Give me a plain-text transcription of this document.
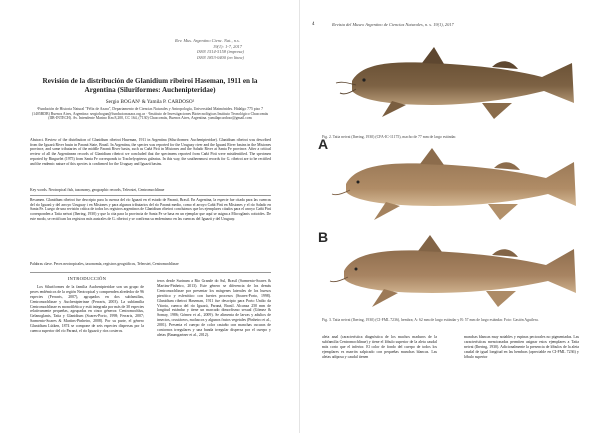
Rev. Mus. Argentino Cienc. Nat., n.s.
19(1): 1-7, 2017
ISSN 1514-5158 (impresa)
ISSN 1853-0400 (en línea)
Revisión de la distribución de Glanidium ribeiroi Haseman, 1911 en la Argentina (Siluriformes: Auchenipteridae)
Sergio BOGAN¹ & Yamila P. CARDOSO²
¹Fundación de Historia Natural "Félix de Azara", Departamento de Ciencias Naturales y Antropología, Universidad Maimónides. Hidalgo 775 piso 7 (1405BDB) Buenos Aires, Argentina: sergiobogan@fundacionazara.org.ar · ²Instituto de Investigaciones Biotecnológicas Instituto Tecnológico Chascomús (IIB-INTECH). Av. Intendente Marino Km 8,200, CC 164, (7130) Chascomús, Buenos Aires, Argentina. yamilapcardoso@gmail.com
Abstract. Review of the distribution of Glanidium ribeiroi Haseman, 1911 in Argentina (Siluriformes: Auchenipteridae). Glanidium ribeiroi was described from the Iguazú River basin in Paraná State, Brazil. In Argentina, the species was reported for the Uruguay river and the Iguazú River basins in the Misiones province, and some tributaries of the middle Paraná River basin, such as Cañá Pirú in Misiones and the Salado River at Santa Fe province. After a critical review of all the Argentinean records of Glanidium ribeiroi we concluded that the specimens reported from Cañá Pirú were misidentified. The specimen reported by Ringuelet (1975) from Santa Fe corresponds to Trachelyopterus galeatus. In this way, the southernmost records for G. ribeiroi are to be rectified and the endemic nature of this species is confirmed for the Uruguay and Iguazú basins.
Key words. Neotropical fish, taxonomy, geographic records, Teleostei, Centromochlinae
Resumen. Glanidium ribeiroi fue descripto para la cuenca del río Iguazú en el estado de Paraná, Brasil. En Argentina, la especie fue citada para las cuencas del río Iguazú y del arroyo Uruguay i en Misiones y para algunos tributarios del río Paraná medio, como el arroyo Cañá Pirú en Misiones y el río Salado en Santa Fe. Luego de una revisión crítica de todos los registros argentinos de Glanidium ribeiroi concluimos que los ejemplares citados para el arroyo Cañá Pirú corresponden a Tatia neivai (Ihering, 1930) y que la cita para la provincia de Santa Fe se basa en un ejemplar que aquí se asigna a Microglanis cottoides. De este modo, se rectifican los registros más australes de G. ribeiroi y se confirma su endemismo en las cuencas del Iguazú y del Uruguay.
Palabras clave. Peces neotropicales, taxonomía, registros geográficos, Teleostei, Centromochlinae
INTRODUCCIÓN

Los Siluriformes de la familia Auchenipteridae son un grupo de peces endémicos de la región Neotropical y comprenden alrededor de 96 especies (Ferraris, 2007), agrupados en dos subfamilias, Centromochlinae y Auchenipterinae (Ferraris, 2003). La subfamilia Centromochlinae es monofilética y está integrada por más de 30 especies relativamente pequeñas, agrupadas en cinco géneros: Centromochlus, Gelanoglanis, Tatia y Glanidium (Soares-Porto, 1998; Ferraris, 2007; Sarmento-Soares & Martins-Pinheiro, 2008). Por su parte, el género Glanidium Lütken, 1874 se compone de seis especies dispersas por la cuenca superior del río Paraná, el río Iguazú y ríos costeros.

teros desde Surinam a Río Grande do Sul, Brasil (Sarmento-Soares & Martins-Pinheiro, 2013). Este género se diferencia de los demás Centromochlinae por presentar los márgenes laterales de los huesos pterótico y esfenótico con fuertes procesos (Soares-Porto, 1998). Glanidium ribeiroi Haseman, 1911 fue descripto para Porto União da Vitoria, cuenca del río Iguazú, Paraná, Brasil. Alcanza 250 mm de longitud estándar y tiene un marcado dimorfismo sexual (Gómez & Somay, 1986; Gómez et al., 2009). Se alimenta de larvas y adultos de insectos, crustáceos, moluscos y algunos frutos vegetales (Pinheiro et al., 2001). Presenta el cuerpo de color castaño con manchas oscuras de contornos irregulares y una banda irregular dispersa por el cuerpo y aletas (Baumgartner et al., 2012).

4	Revista del Museo Argentino de Ciencias Naturales, n. s. 19(1), 2017
Fig. 2. Tatia neivai (Ihering, 1930) (CFA-IC-11175), macho de 77 mm de largo estándar.
A
B
Fig. 3. Tatia neivai (Ihering, 1930) (CI-FML 7236), hembra; A: 62 mm de largo estándar y B: 57 mm de largo estándar. Foto: Gastón Aguilera.

aleta anal (característica diagnóstica de los machos maduros de la subfamilia Centromochlinae) y tiene el lóbulo superior de la aleta caudal más corto que el inferior. El color de fondo del cuerpo de todos los ejemplares es marrón salpicado con pequeñas manchas blancas. Las aletas adiposa y caudal tienen

manchas blancas muy notables y espinas pectorales no pigmentadas. Las características mencionadas permiten asignar estos ejemplares a Tatia neivai (Ihering, 1930). Adicionalmente la presencia de lóbulos de la aleta caudal de igual longitud en las hembras (apreciable en CI-FML 7236) y lóbulo superior
